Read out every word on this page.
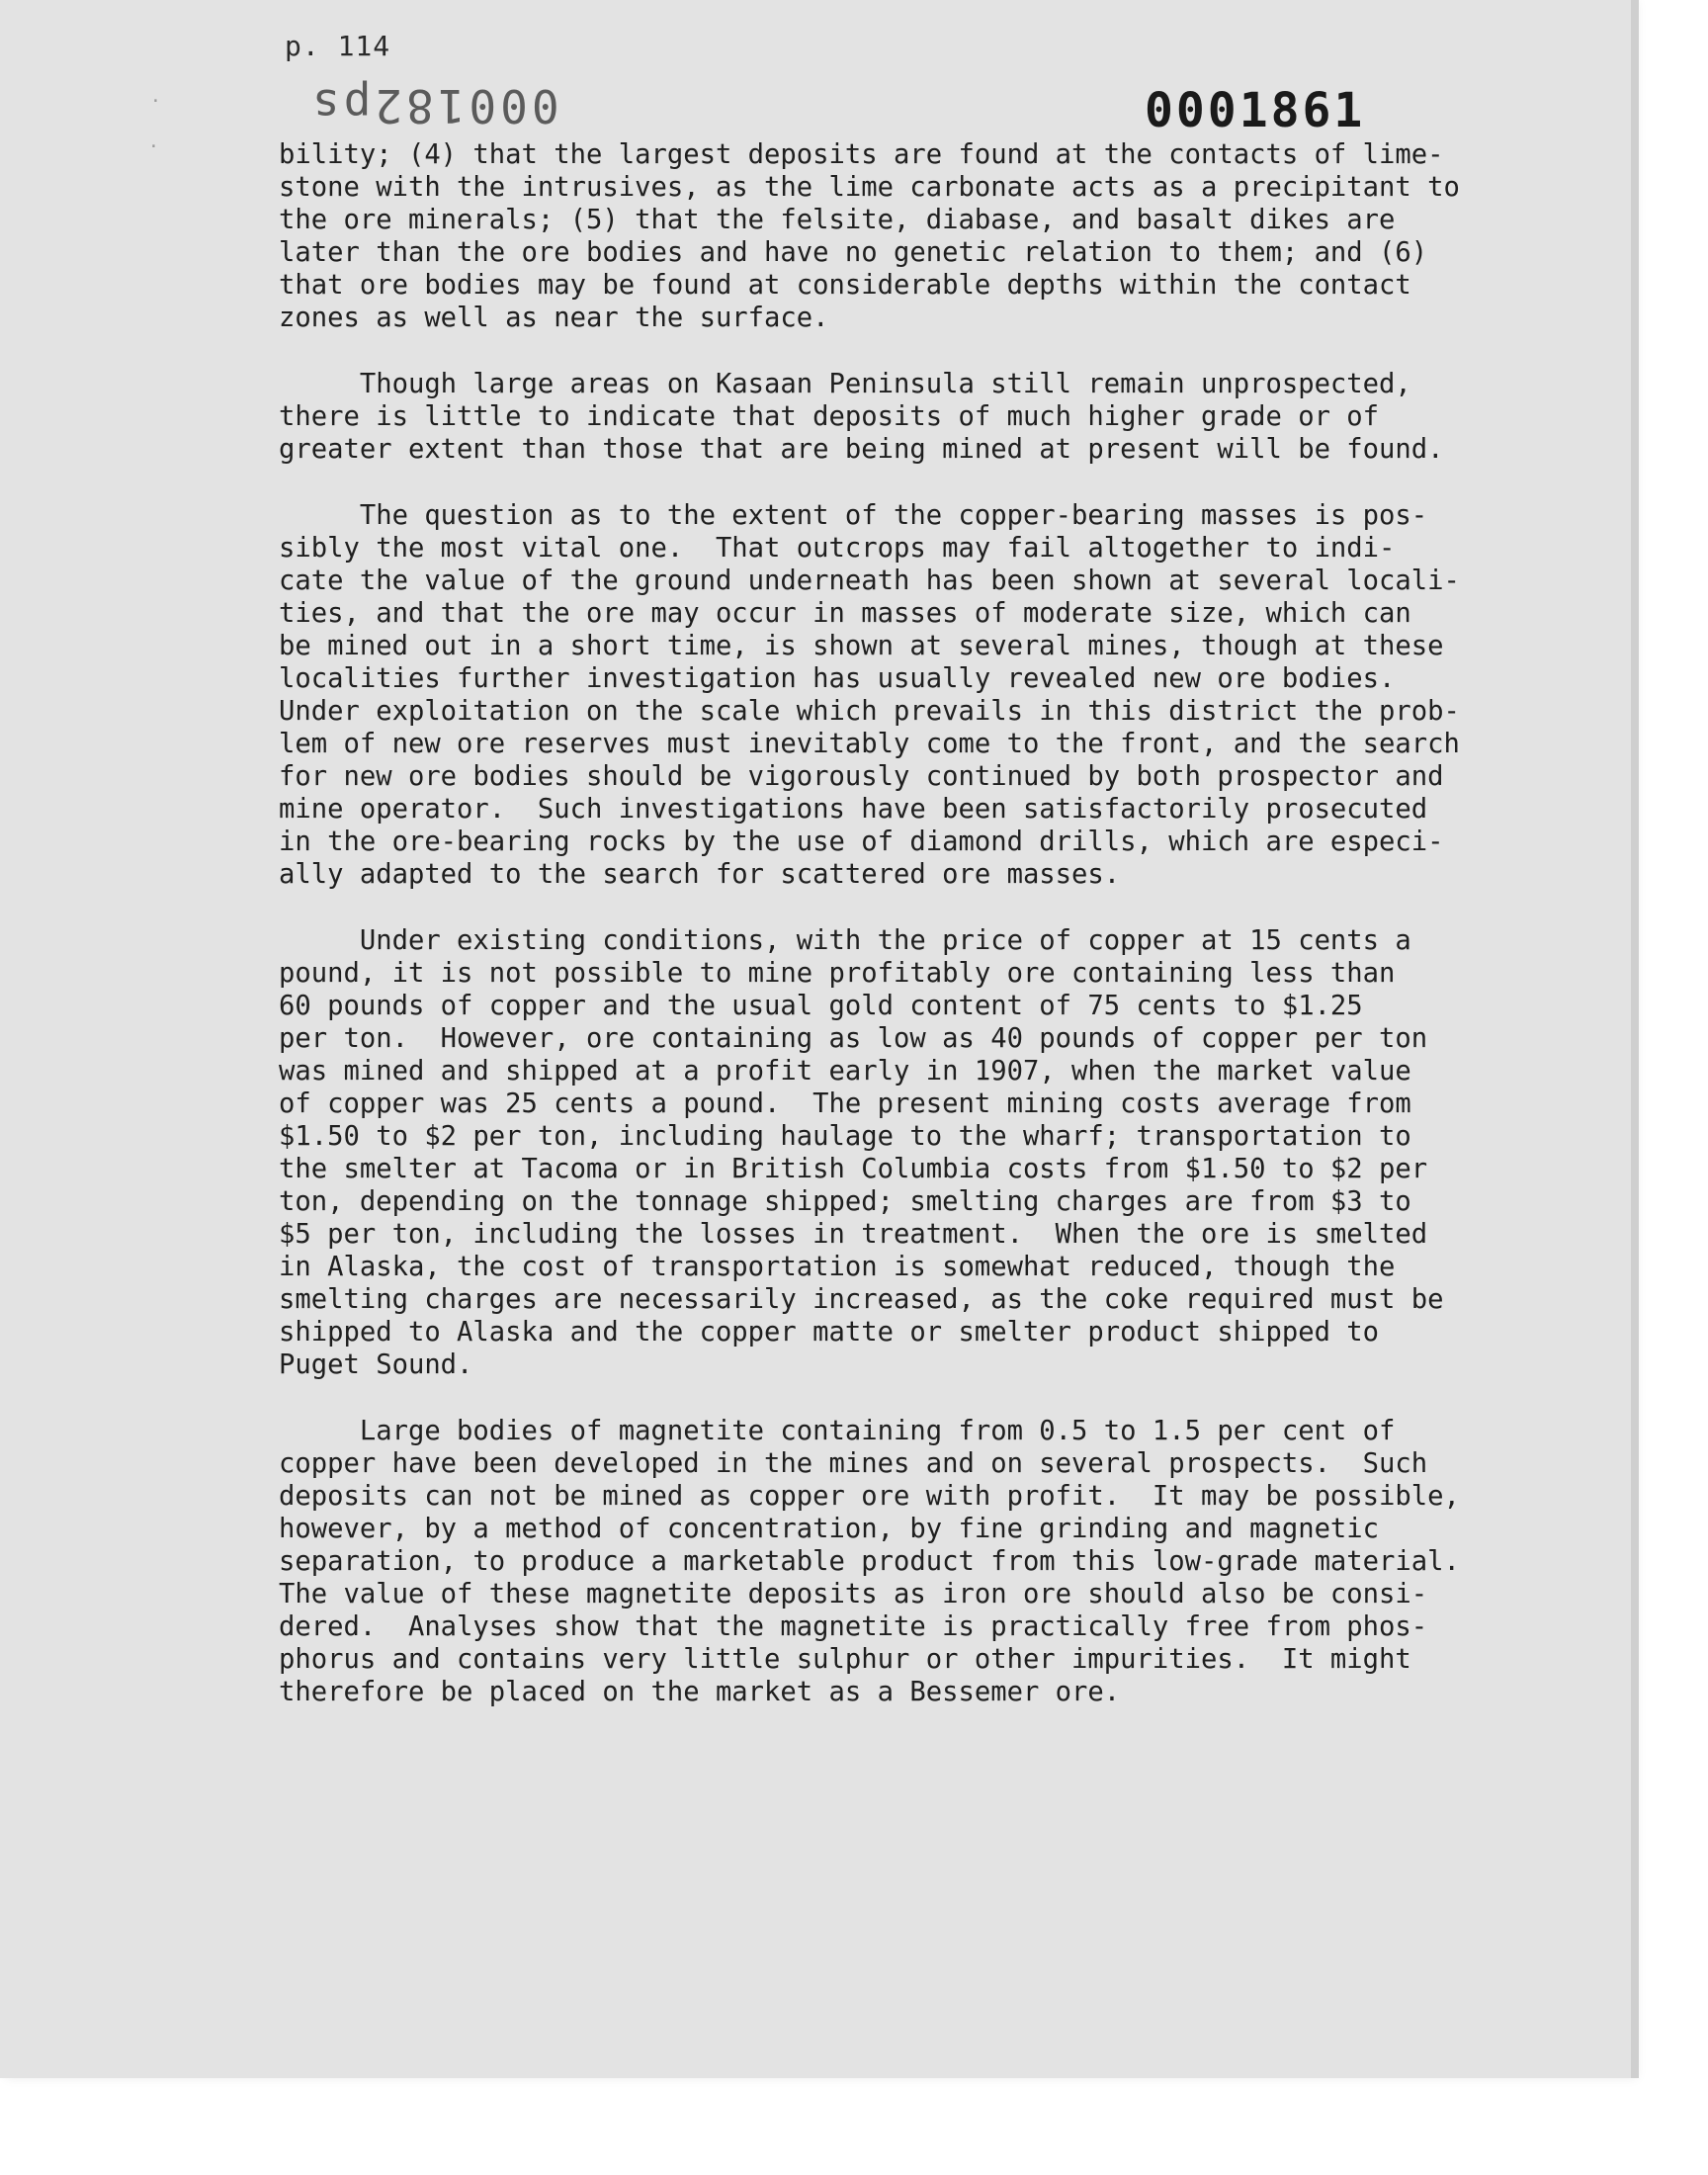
p. 114
000182ps	0001861
·
·	bility; (4) that the largest deposits are found at the contacts of lime-
stone with the intrusives, as the lime carbonate acts as a precipitant to
the ore minerals; (5) that the felsite, diabase, and basalt dikes are
later than the ore bodies and have no genetic relation to them; and (6)
that ore bodies may be found at considerable depths within the contact
zones as well as near the surface.

Though large areas on Kasaan Peninsula still remain unprospected,
there is little to indicate that deposits of much higher grade or of
greater extent than those that are being mined at present will be found.

The question as to the extent of the copper-bearing masses is pos-
sibly the most vital one.  That outcrops may fail altogether to indi-
cate the value of the ground underneath has been shown at several locali-
ties, and that the ore may occur in masses of moderate size, which can
be mined out in a short time, is shown at several mines, though at these
localities further investigation has usually revealed new ore bodies.
Under exploitation on the scale which prevails in this district the prob-
lem of new ore reserves must inevitably come to the front, and the search
for new ore bodies should be vigorously continued by both prospector and
mine operator.  Such investigations have been satisfactorily prosecuted
in the ore-bearing rocks by the use of diamond drills, which are especi-
ally adapted to the search for scattered ore masses.

Under existing conditions, with the price of copper at 15 cents a
pound, it is not possible to mine profitably ore containing less than
60 pounds of copper and the usual gold content of 75 cents to $1.25
per ton.  However, ore containing as low as 40 pounds of copper per ton
was mined and shipped at a profit early in 1907, when the market value
of copper was 25 cents a pound.  The present mining costs average from
$1.50 to $2 per ton, including haulage to the wharf; transportation to
the smelter at Tacoma or in British Columbia costs from $1.50 to $2 per
ton, depending on the tonnage shipped; smelting charges are from $3 to
$5 per ton, including the losses in treatment.  When the ore is smelted
in Alaska, the cost of transportation is somewhat reduced, though the
smelting charges are necessarily increased, as the coke required must be
shipped to Alaska and the copper matte or smelter product shipped to
Puget Sound.

Large bodies of magnetite containing from 0.5 to 1.5 per cent of
copper have been developed in the mines and on several prospects.  Such
deposits can not be mined as copper ore with profit.  It may be possible,
however, by a method of concentration, by fine grinding and magnetic
separation, to produce a marketable product from this low-grade material.
The value of these magnetite deposits as iron ore should also be consi-
dered.  Analyses show that the magnetite is practically free from phos-
phorus and contains very little sulphur or other impurities.  It might
therefore be placed on the market as a Bessemer ore.
